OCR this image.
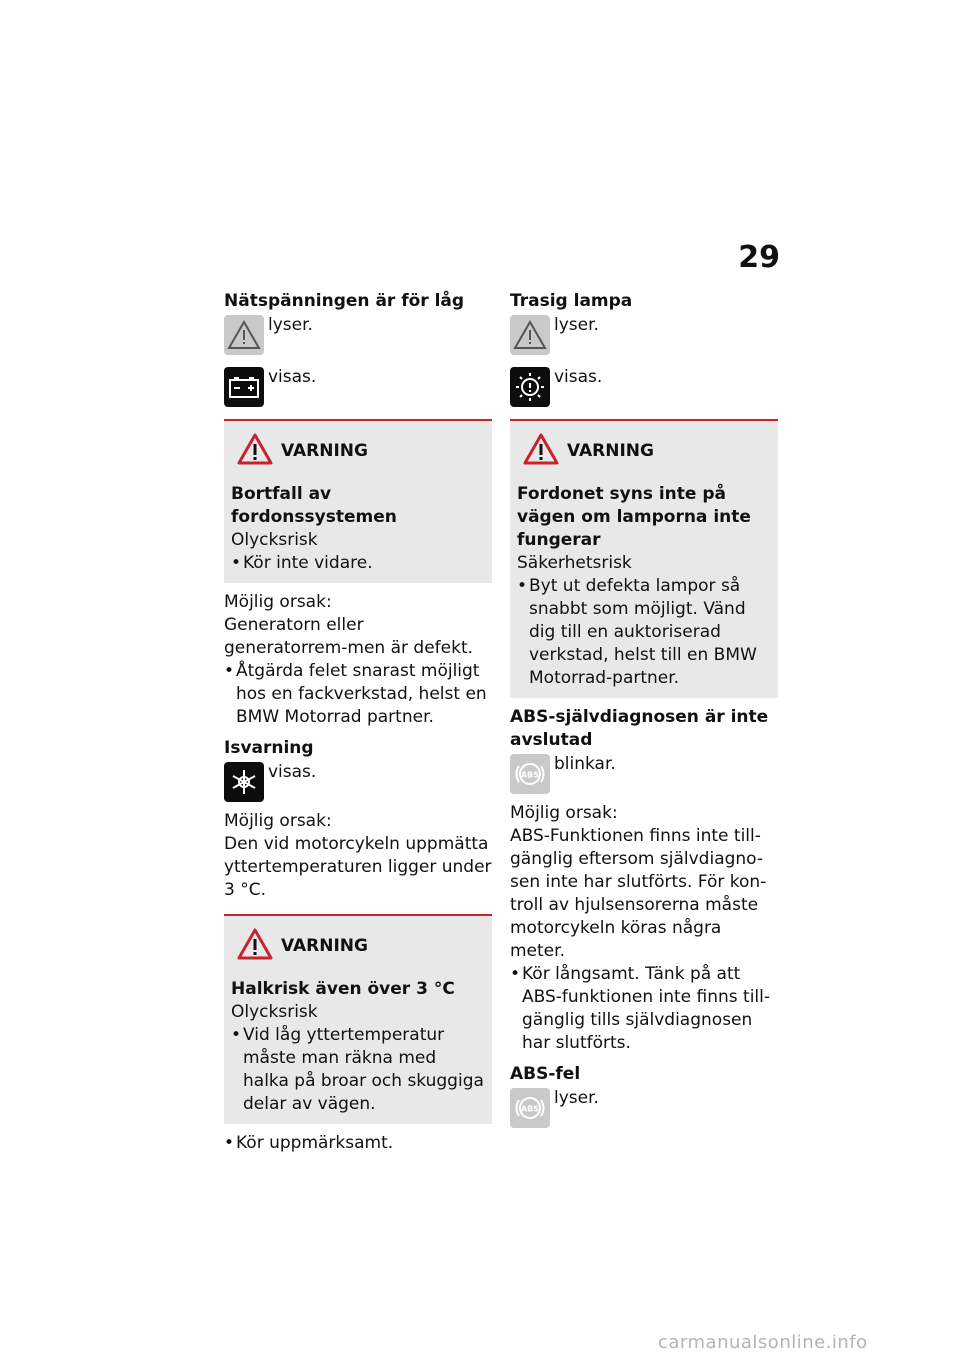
29

Nätspänningen är för låg

lyser.
visas.
VARNING

Bortfall av fordonssystemen

Olycksrisk

• Kör inte vidare.

Möjlig orsak:

Generatorn eller generatorrem-men är defekt.

• Åtgärda felet snarast möjligt hos en fackverkstad, helst en BMW Motorrad partner.

Isvarning

visas.

Möjlig orsak:

Den vid motorcykeln uppmätta yttertemperaturen ligger under 3 °C.

VARNING

Halkrisk även över 3 °C

Olycksrisk

• Vid låg yttertemperatur måste man räkna med halka på broar och skuggiga delar av vägen.
• Kör uppmärksamt.

Trasig lampa

lyser.
visas.
VARNING

Fordonet syns inte på vägen om lamporna inte fungerar

Säkerhetsrisk

• Byt ut defekta lampor så snabbt som möjligt. Vänd dig till en auktoriserad verkstad, helst till en BMW Motorrad-partner.

ABS-självdiagnosen är inte avslutad

ABS
blinkar.

Möjlig orsak:

ABS-Funktionen finns inte till-gänglig eftersom självdiagno-sen inte har slutförts. För kon-troll av hjulsensorerna måste motorcykeln köras några meter.

• Kör långsamt. Tänk på att ABS-funktionen inte finns till-gänglig tills självdiagnosen har slutförts.

ABS-fel

ABS
lyser.
carmanualsonline.info
